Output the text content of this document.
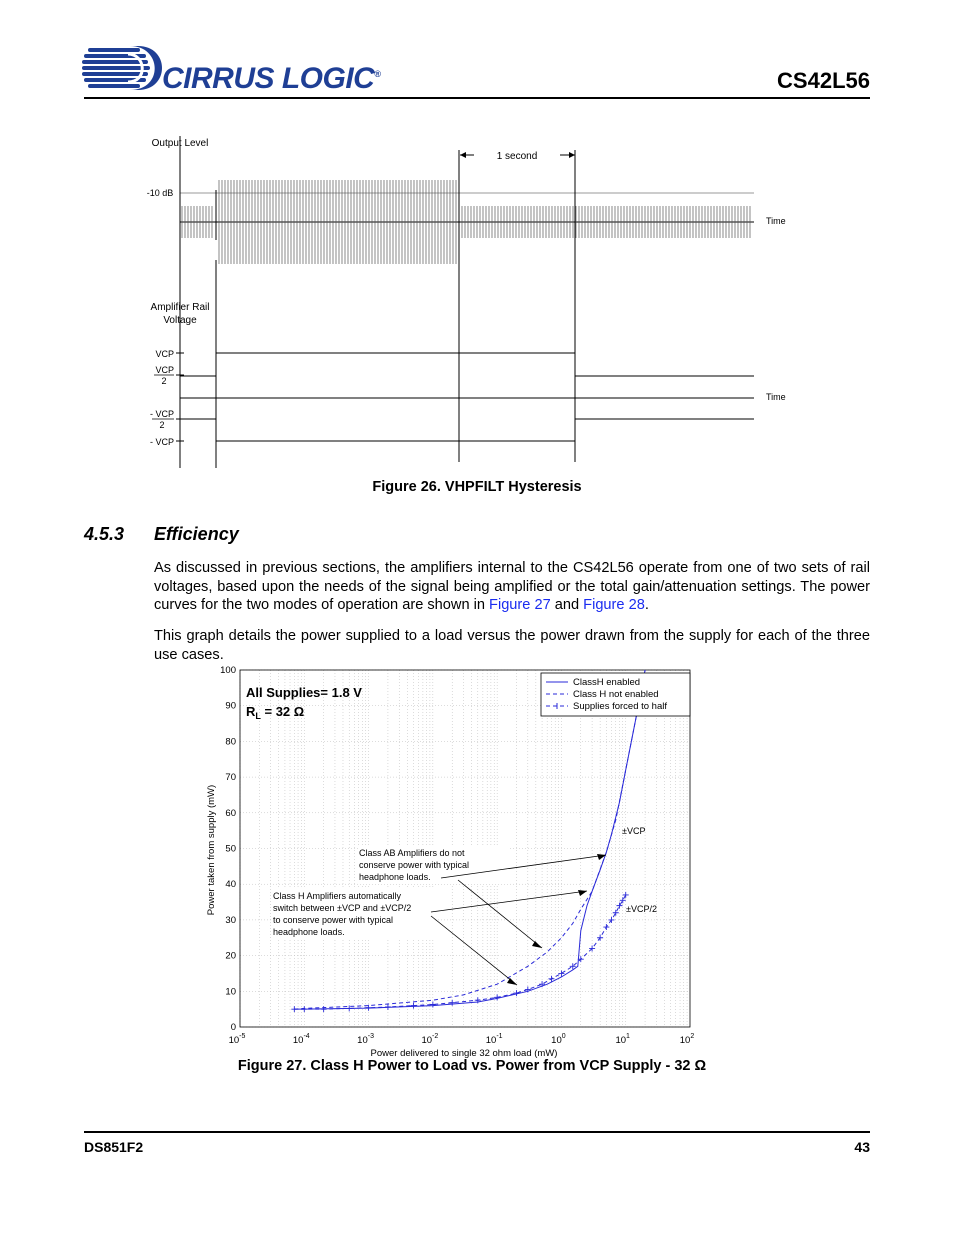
CIRRUS LOGIC®	CS42L56
Output Level
-10 dB
1 second
Time
Amplifier Rail
Voltage
VCP
VCP
2
- VCP
2
- VCP
Time
Figure 26. VHPFILT Hysteresis
4.5.3 Efficiency
As discussed in previous sections, the amplifiers internal to the CS42L56 operate from one of two sets of rail voltages, based upon the needs of the signal being amplified or the total gain/attenuation settings. The power curves for the two modes of operation are shown in Figure 27 and Figure 28.
This graph details the power supplied to a load versus the power drawn from the supply for each of the three use cases.
0
10
20
30
40
50
60
70
80
90
100
$10^{-5}$	$10^{-4}$	$10^{-3}$	$10^{-2}$	$10^{-1}$	$10^0$	$10^1$	$10^2$
All Supplies= 1.8 V
$R_L = 32$ Ω
Class AB Amplifiers do not
conserve power with typical
headphone loads.
Class H Amplifiers automatically
switch between ±VCP and ±VCP/2
to conserve power with typical
headphone loads.
±VCP
±VCP/2
ClassH enabled
Class H not enabled
Supplies forced to half
Power delivered to single 32 ohm load (mW)
Power taken from supply (mW)
Figure 27. Class H Power to Load vs. Power from VCP Supply - 32 Ω
DS851F2	43
